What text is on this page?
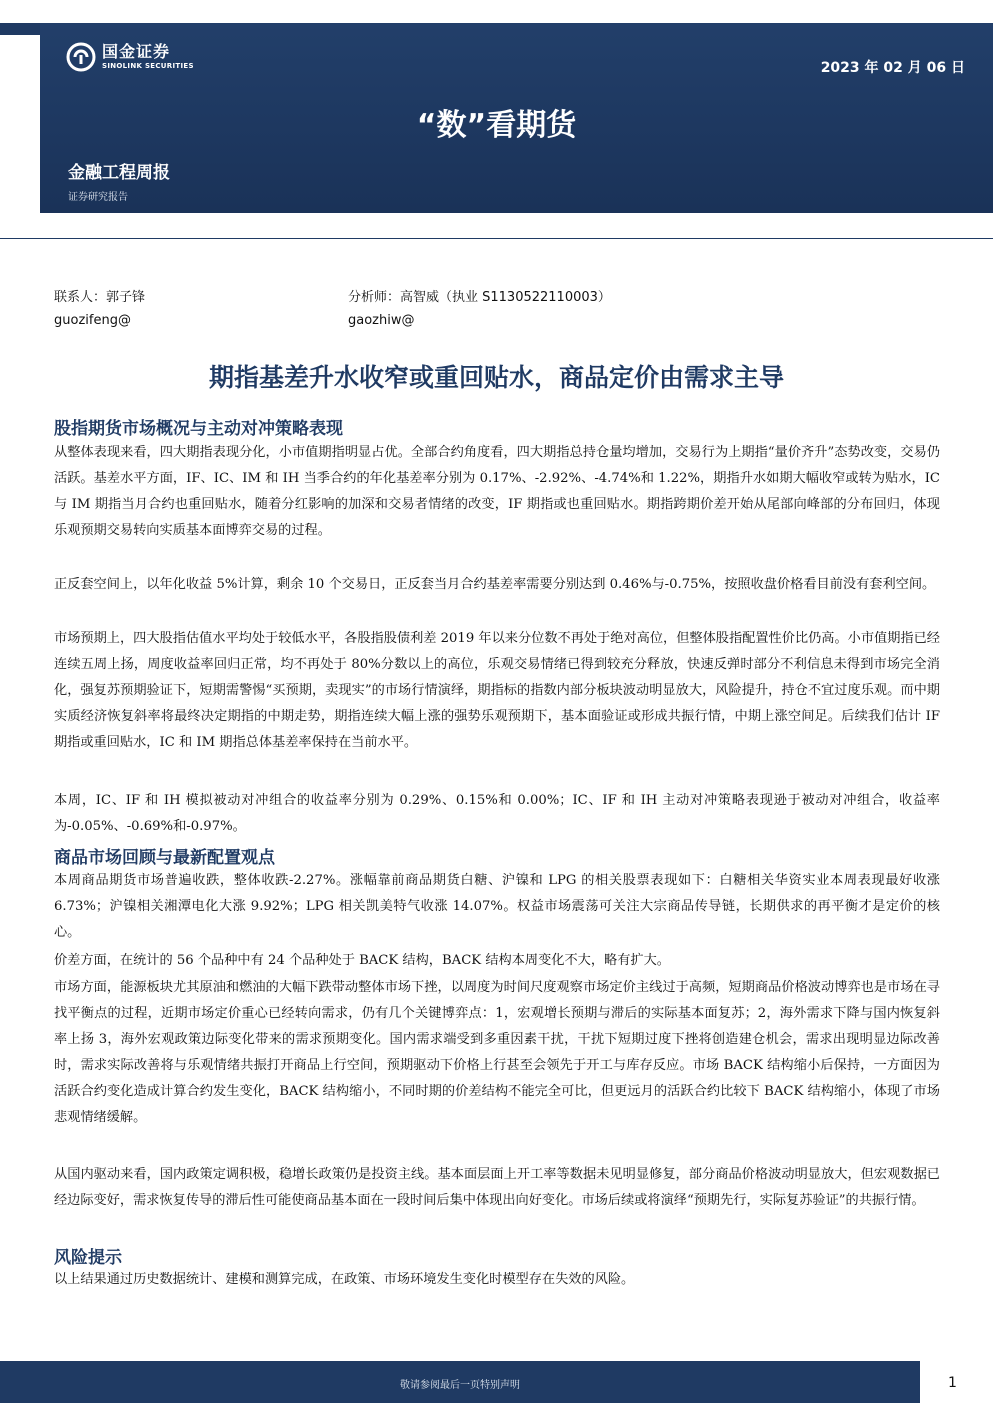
国金证券
SINOLINK SECURITIES	2023 年 02 月 06 日
“数”看期货
金融工程周报
证券研究报告
联系人：郭子锋
guozifeng@
分析师：高智威（执业 S1130522110003）
gaozhiw@
期指基差升水收窄或重回贴水，商品定价由需求主导
股指期货市场概况与主动对冲策略表现
从整体表现来看，四大期指表现分化，小市值期指明显占优。全部合约角度看，四大期指总持仓量均增加，交易行为上期指“量价齐升”态势改变，交易仍活跃。基差水平方面，IF、IC、IM 和 IH 当季合约的年化基差率分别为 0.17%、-2.92%、-4.74%和 1.22%，期指升水如期大幅收窄或转为贴水，IC 与 IM 期指当月合约也重回贴水，随着分红影响的加深和交易者情绪的改变，IF 期指或也重回贴水。期指跨期价差开始从尾部向峰部的分布回归，体现乐观预期交易转向实质基本面博弈交易的过程。
正反套空间上，以年化收益 5%计算，剩余 10 个交易日，正反套当月合约基差率需要分别达到 0.46%与-0.75%，按照收盘价格看目前没有套利空间。
市场预期上，四大股指估值水平均处于较低水平，各股指股债利差 2019 年以来分位数不再处于绝对高位，但整体股指配置性价比仍高。小市值期指已经连续五周上扬，周度收益率回归正常，均不再处于 80%分数以上的高位，乐观交易情绪已得到较充分释放，快速反弹时部分不利信息未得到市场完全消化，强复苏预期验证下，短期需警惕“买预期，卖现实”的市场行情演绎，期指标的指数内部分板块波动明显放大，风险提升，持仓不宜过度乐观。而中期实质经济恢复斜率将最终决定期指的中期走势，期指连续大幅上涨的强势乐观预期下，基本面验证或形成共振行情，中期上涨空间足。后续我们估计 IF 期指或重回贴水，IC 和 IM 期指总体基差率保持在当前水平。
本周，IC、IF 和 IH 模拟被动对冲组合的收益率分别为 0.29%、0.15%和 0.00%；IC、IF 和 IH 主动对冲策略表现逊于被动对冲组合，收益率为-0.05%、-0.69%和-0.97%。
商品市场回顾与最新配置观点
本周商品期货市场普遍收跌，整体收跌-2.27%。涨幅靠前商品期货白糖、沪镍和 LPG 的相关股票表现如下：白糖相关华资实业本周表现最好收涨 6.73%；沪镍相关湘潭电化大涨 9.92%；LPG 相关凯美特气收涨 14.07%。权益市场震荡可关注大宗商品传导链，长期供求的再平衡才是定价的核心。
价差方面，在统计的 56 个品种中有 24 个品种处于 BACK 结构，BACK 结构本周变化不大，略有扩大。
市场方面，能源板块尤其原油和燃油的大幅下跌带动整体市场下挫，以周度为时间尺度观察市场定价主线过于高频，短期商品价格波动博弈也是市场在寻找平衡点的过程，近期市场定价重心已经转向需求，仍有几个关键博弈点：1，宏观增长预期与滞后的实际基本面复苏；2，海外需求下降与国内恢复斜率上扬 3，海外宏观政策边际变化带来的需求预期变化。国内需求端受到多重因素干扰，干扰下短期过度下挫将创造建仓机会，需求出现明显边际改善时，需求实际改善将与乐观情绪共振打开商品上行空间，预期驱动下价格上行甚至会领先于开工与库存反应。市场 BACK 结构缩小后保持，一方面因为活跃合约变化造成计算合约发生变化，BACK 结构缩小，不同时期的价差结构不能完全可比，但更远月的活跃合约比较下 BACK 结构缩小，体现了市场悲观情绪缓解。
从国内驱动来看，国内政策定调积极，稳增长政策仍是投资主线。基本面层面上开工率等数据未见明显修复，部分商品价格波动明显放大，但宏观数据已经边际变好，需求恢复传导的滞后性可能使商品基本面在一段时间后集中体现出向好变化。市场后续或将演绎“预期先行，实际复苏验证”的共振行情。
风险提示
以上结果通过历史数据统计、建模和测算完成，在政策、市场环境发生变化时模型存在失效的风险。
敬请参阅最后一页特别声明	1
